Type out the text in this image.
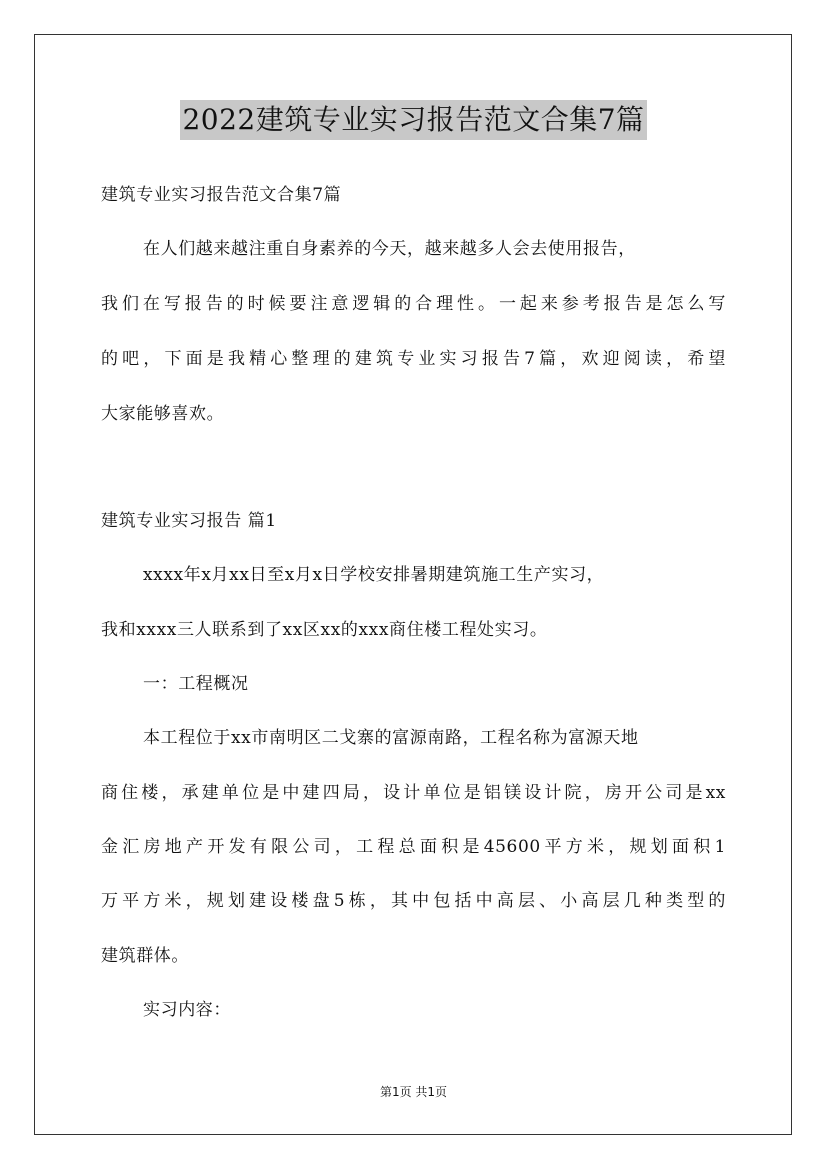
2022建筑专业实习报告范文合集7篇
建筑专业实习报告范文合集7篇
在人们越来越注重自身素养的今天，越来越多人会去使用报告，
我们在写报告的时候要注意逻辑的合理性。一起来参考报告是怎么写
的吧，下面是我精心整理的建筑专业实习报告7篇，欢迎阅读，希望
大家能够喜欢。
建筑专业实习报告 篇1
xxxx年x月xx日至x月x日学校安排暑期建筑施工生产实习，
我和xxxx三人联系到了xx区xx的xxx商住楼工程处实习。
一：工程概况
本工程位于xx市南明区二戈寨的富源南路，工程名称为富源天地
商住楼，承建单位是中建四局，设计单位是铝镁设计院，房开公司是xx
金汇房地产开发有限公司，工程总面积是45600平方米，规划面积1
万平方米，规划建设楼盘5栋，其中包括中高层、小高层几种类型的
建筑群体。
实习内容：
第1页 共1页
